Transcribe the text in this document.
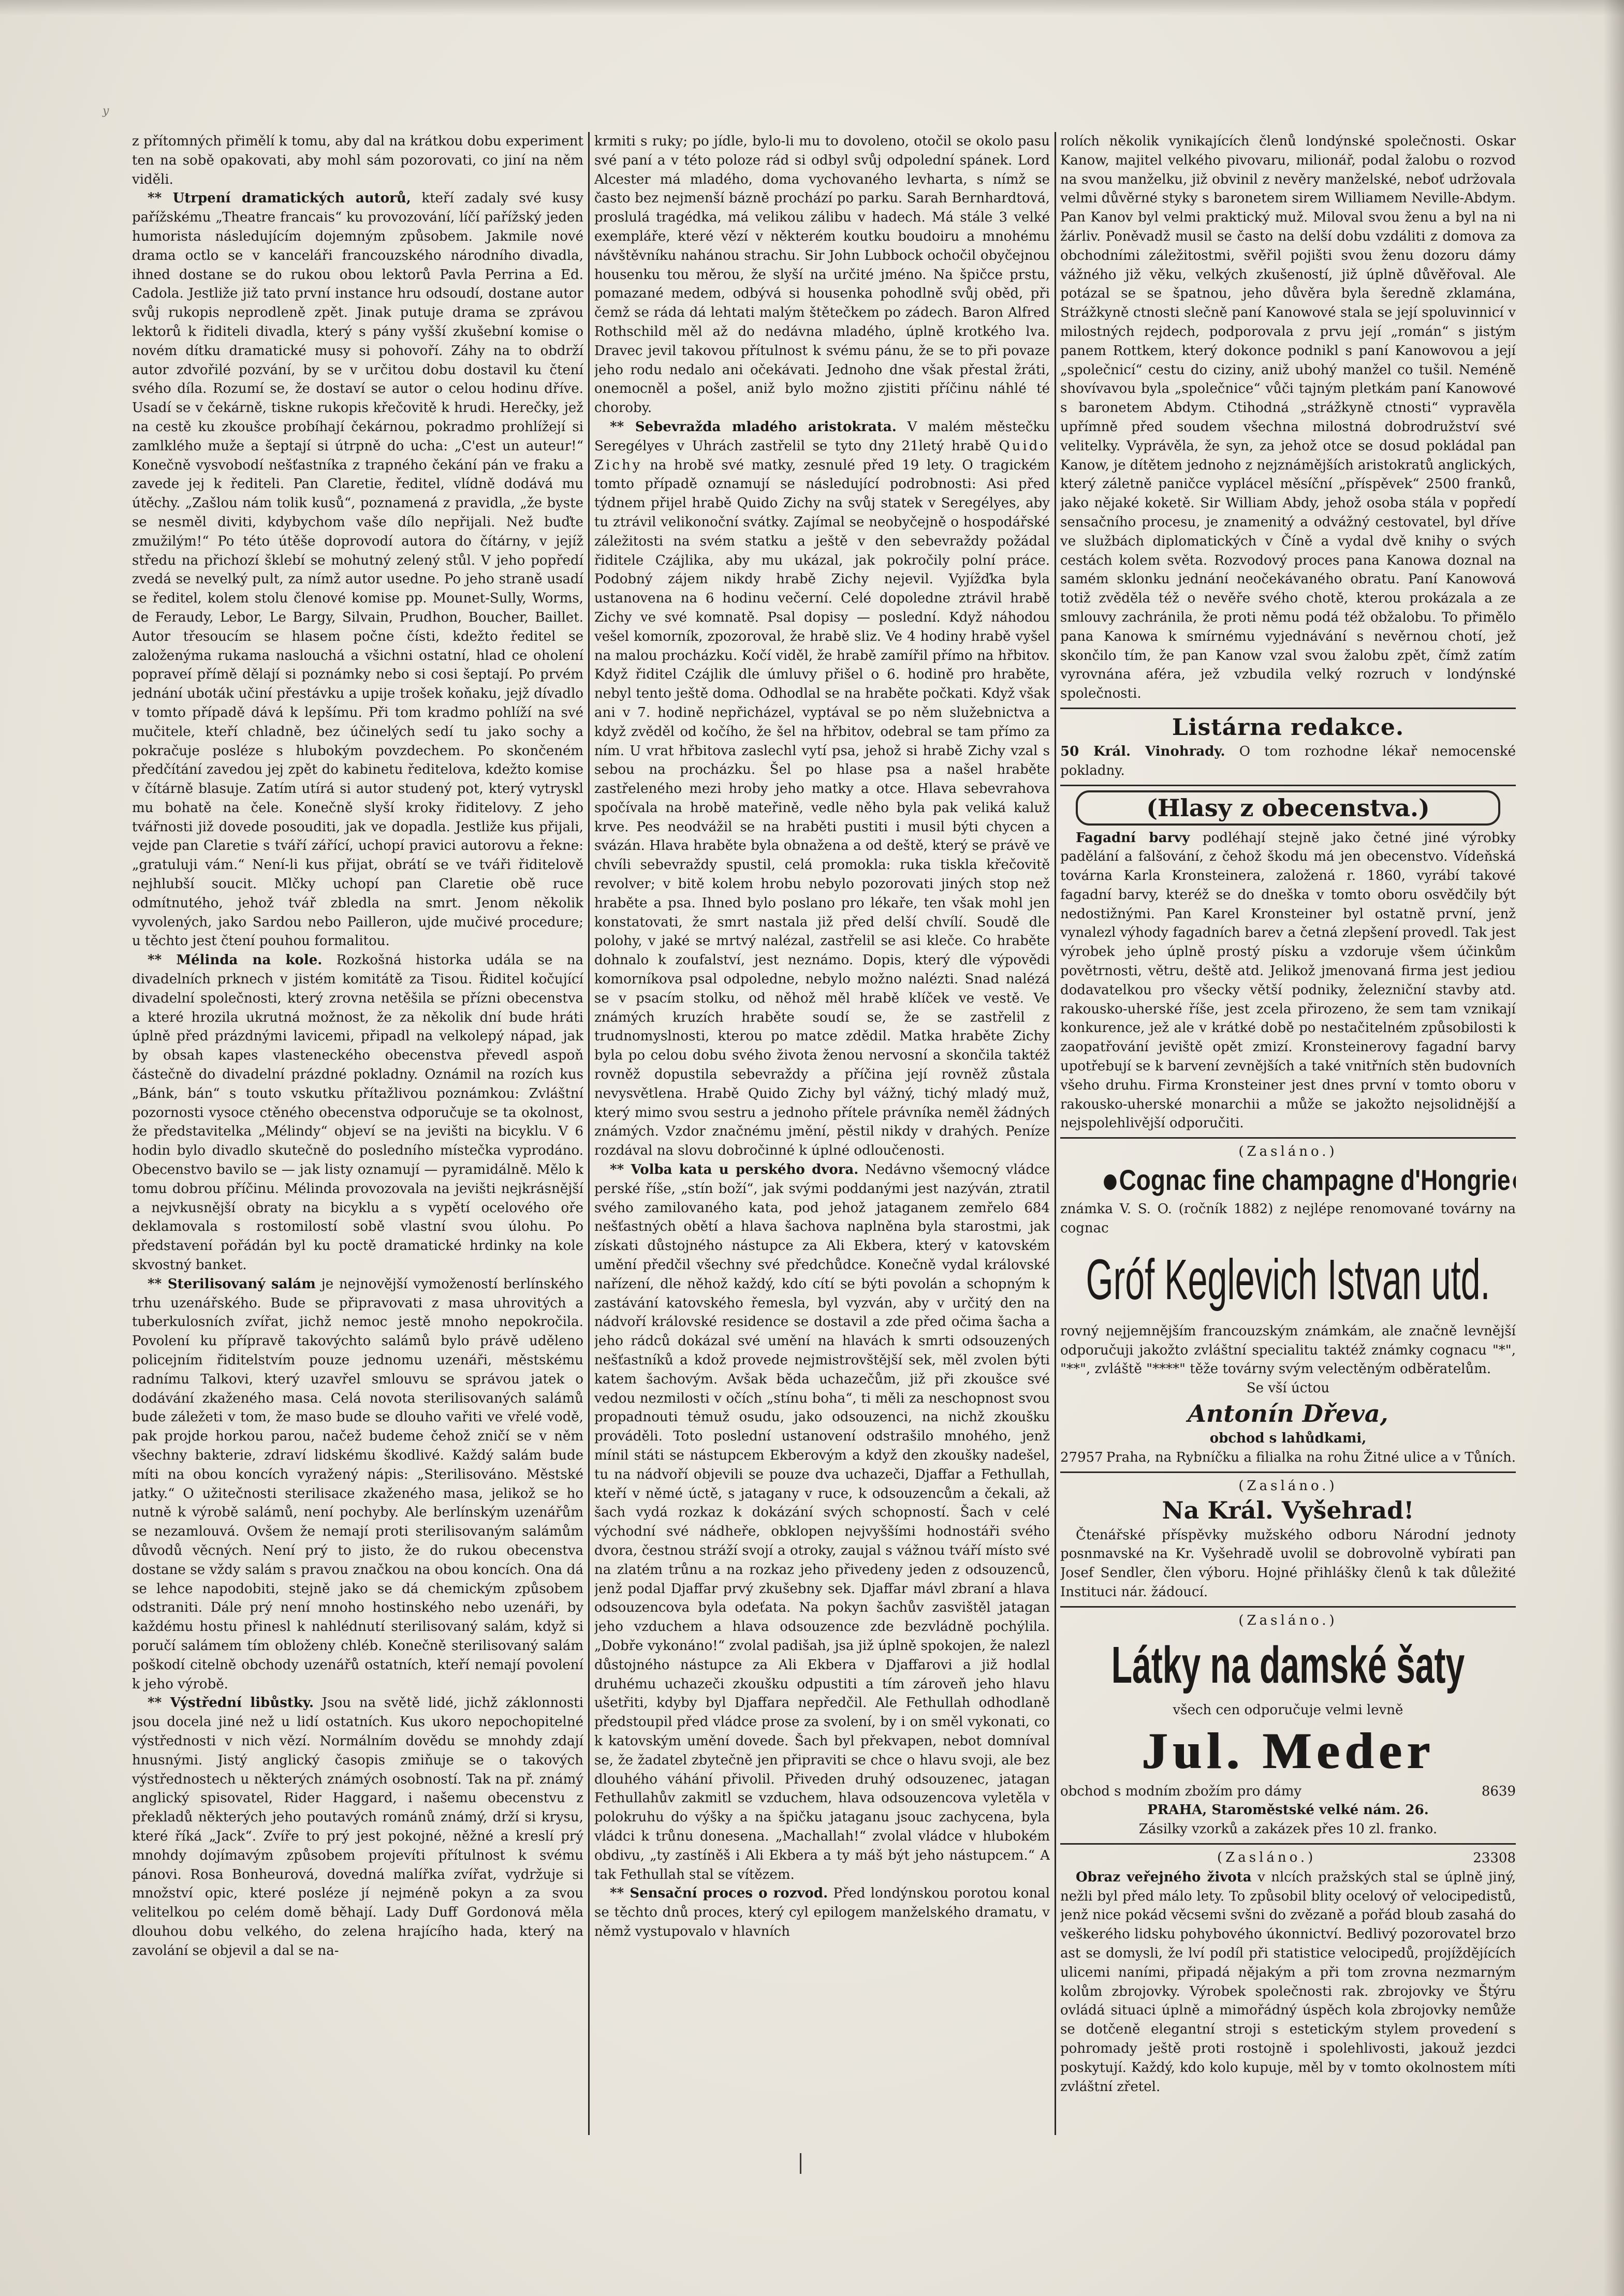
y

z přítomných přimělí k tomu, aby dal na krátkou dobu experiment ten na sobě opakovati, aby mohl sám pozorovati, co jiní na něm viděli.

** Utrpení dramatických autorů, kteří zadaly své kusy pařížskému „Theatre francais“ ku provozování, líčí pařížský jeden humorista následujícím dojemným způsobem. Jakmile nové drama octlo se v kanceláři francouzského národního divadla, ihned dostane se do rukou obou lektorů Pavla Perrina a Ed. Cadola. Jestliže již tato první instance hru odsoudí, dostane autor svůj rukopis neprodleně zpět. Jinak putuje drama se zprávou lektorů k řiditeli divadla, který s pány vyšší zkušební komise o novém dítku dramatické musy si pohovoří. Záhy na to obdrží autor zdvořilé pozvání, by se v určitou dobu dostavil ku čtení svého díla. Rozumí se, že dostaví se autor o celou hodinu dříve. Usadí se v čekárně, tiskne rukopis křečovitě k hrudi. Herečky, jež na cestě ku zkoušce probíhají čekárnou, pokradmo prohlížejí si zamlklého muže a šeptají si útrpně do ucha: „C'est un auteur!“ Konečně vysvobodí nešťastníka z trapného čekání pán ve fraku a zavede jej k řediteli. Pan Claretie, ředitel, vlídně dodává mu útěchy. „Zašlou nám tolik kusů“, poznamená z pravidla, „že byste se nesměl diviti, kdybychom vaše dílo nepřijali. Než buďte zmužilým!“ Po této útěše doprovodí autora do čítárny, v jejíž středu na přichozí šklebí se mohutný zelený stůl. V jeho popředí zvedá se nevelký pult, za nímž autor usedne. Po jeho straně usadí se ředitel, kolem stolu členové komise pp. Mounet-Sully, Worms, de Feraudy, Lebor, Le Bargy, Silvain, Prudhon, Boucher, Baillet. Autor třesoucím se hlasem počne čísti, kdežto ředitel se založenýma rukama naslouchá a všichni ostatní, hlad ce oholení popraveí přímě dělají si poznámky nebo si cosi šeptají. Po prvém jednání uboták učiní přestávku a upije trošek koňaku, jejž dívadlo v tomto případě dává k lepšímu. Při tom kradmo pohlíží na své mučitele, kteří chladně, bez účinelých sedí tu jako sochy a pokračuje posléze s hlubokým povzdechem. Po skončeném předčítání zavedou jej zpět do kabinetu ředitelova, kdežto komise v čítárně blasuje. Zatím utírá si autor studený pot, který vytryskl mu bohatě na čele. Konečně slyší kroky řiditelovy. Z jeho tvářnosti již dovede posouditi, jak ve dopadla. Jestliže kus přijali, vejde pan Claretie s tváří zářící, uchopí pravici autorovu a řekne: „gratuluji vám.“ Není-li kus přijat, obrátí se ve tváři řiditelově nejhlubší soucit. Mlčky uchopí pan Claretie obě ruce odmítnutého, jehož tvář zbledla na smrt. Jenom několik vyvolených, jako Sardou nebo Pailleron, ujde mučivé procedure; u těchto jest čtení pouhou formalitou.

** Mélinda na kole. Rozkošná historka udála se na divadelních prknech v jistém komitátě za Tisou. Řiditel kočující divadelní společnosti, který zrovna netěšila se přízni obecenstva a které hrozila ukrutná možnost, že za několik dní bude hráti úplně před prázdnými lavicemi, připadl na velkolepý nápad, jak by obsah kapes vlasteneckého obecenstva převedl aspoň částečně do divadelní prázdné pokladny. Oznámil na rozích kus „Bánk, bán“ s touto vskutku přítažlivou poznámkou: Zvláštní pozornosti vysoce ctěného obecenstva odporučuje se ta okolnost, že představitelka „Mélindy“ objeví se na jevišti na bicyklu. V 6 hodin bylo divadlo skutečně do posledního místečka vyprodáno. Obecenstvo bavilo se — jak listy oznamují — pyramidálně. Mělo k tomu dobrou příčinu. Mélinda provozovala na jevišti nejkrásnější a nejvkusnější obraty na bicyklu a s vypětí ocelového oře deklamovala s rostomilostí sobě vlastní svou úlohu. Po představení pořádán byl ku poctě dramatické hrdinky na kole skvostný banket.

** Sterilisovaný salám je nejnovější vymožeností berlínského trhu uzenářského. Bude se připravovati z masa uhrovitých a tuberkulosních zvířat, jichž nemoc jestě mnoho nepokročila. Povolení ku přípravě takovýchto salámů bylo právě uděleno policejním řiditelstvím pouze jednomu uzenáři, městskému radnímu Talkovi, který uzavřel smlouvu se správou jatek o dodávání zkaženého masa. Celá novota sterilisovaných salámů bude záležeti v tom, že maso bude se dlouho vařiti ve vřelé vodě, pak projde horkou parou, načež budeme čehož zničí se v něm všechny bakterie, zdraví lidskému škodlivé. Každý salám bude míti na obou koncích vyražený nápis: „Sterilisováno. Městské jatky.“ O užitečnosti sterilisace zkaženého masa, jelikož se ho nutně k výrobě salámů, není pochyby. Ale berlínským uzenářům se nezamlouvá. Ovšem že nemají proti sterilisovaným salámům důvodů věcných. Není prý to jisto, že do rukou obecenstva dostane se vždy salám s pravou značkou na obou koncích. Ona dá se lehce napodobiti, stejně jako se dá chemickým způsobem odstraniti. Dále prý není mnoho hostinského nebo uzenáři, by každému hostu přinesl k nahlédnutí sterilisovaný salám, když si poručí salámem tím obloženy chléb. Konečně sterilisovaný salám poškodí citelně obchody uzenářů ostatních, kteří nemají povolení k jeho výrobě.

** Výstřední libůstky. Jsou na světě lidé, jichž záklonnosti jsou docela jiné než u lidí ostatních. Kus ukoro nepochopitelné výstřednosti v nich vězí. Normálním dovědu se mnohdy zdají hnusnými. Jistý anglický časopis zmiňuje se o takových výstřednostech u některých známých osobností. Tak na př. známý anglický spisovatel, Rider Haggard, i našemu obecenstvu z překladů některých jeho poutavých románů známý, drží si krysu, které říká „Jack“. Zvíře to prý jest pokojné, něžné a kreslí prý mnohdy dojímavým způsobem projevíti přítulnost k svému pánovi. Rosa Bonheurová, dovedná malířka zvířat, vydržuje si množství opic, které posléze jí nejméně pokyn a za svou velitelkou po celém domě běhají. Lady Duff Gordonová měla dlouhou dobu velkého, do zelena hrajícího hada, který na zavolání se objevil a dal se na-

krmiti s ruky; po jídle, bylo-li mu to dovoleno, otočil se okolo pasu své paní a v této poloze rád si odbyl svůj odpolední spánek. Lord Alcester má mladého, doma vychovaného levharta, s nímž se často bez nejmenší bázně prochází po parku. Sarah Bernhardtová, proslulá tragédka, má velikou zálibu v hadech. Má stále 3 velké exempláře, které vězí v některém koutku boudoiru a mnohému návštěvníku nahánou strachu. Sir John Lubbock ochočil obyčejnou housenku tou měrou, že slyší na určité jméno. Na špičce prstu, pomazané medem, odbývá si housenka pohodlně svůj oběd, při čemž se ráda dá lehtati malým štětečkem po zádech. Baron Alfred Rothschild měl až do nedávna mladého, úplně krotkého lva. Dravec jevil takovou přítulnost k svému pánu, že se to při povaze jeho rodu nedalo ani očekávati. Jednoho dne však přestal žráti, onemocněl a pošel, aniž bylo možno zjistiti příčinu náhlé té choroby.

** Sebevražda mladého aristokrata. V malém městečku Seregélyes v Uhrách zastřelil se tyto dny 21letý hrabě Quido Zichy na hrobě své matky, zesnulé před 19 lety. O tragickém tomto případě oznamují se následující podrobnosti: Asi před týdnem přijel hrabě Quido Zichy na svůj statek v Seregélyes, aby tu ztrávil velikonoční svátky. Zajímal se neobyčejně o hospodářské záležitosti na svém statku a ještě v den sebevraždy požádal řiditele Czájlika, aby mu ukázal, jak pokročily polní práce. Podobný zájem nikdy hrabě Zichy nejevil. Vyjížďka byla ustanovena na 6 hodinu večerní. Celé dopoledne ztrávil hrabě Zichy ve své komnatě. Psal dopisy — poslední. Když náhodou vešel komorník, zpozoroval, že hrabě sliz. Ve 4 hodiny hrabě vyšel na malou procházku. Kočí viděl, že hrabě zamířil přímo na hřbitov. Když řiditel Czájlik dle úmluvy přišel o 6. hodině pro hraběte, nebyl tento ještě doma. Odhodlal se na hraběte počkati. Když však ani v 7. hodině nepřicházel, vyptával se po něm služebnictva a když zvěděl od kočího, že šel na hřbitov, odebral se tam přímo za ním. U vrat hřbitova zaslechl vytí psa, jehož si hrabě Zichy vzal s sebou na procházku. Šel po hlase psa a našel hraběte zastřeleného mezi hroby jeho matky a otce. Hlava sebevrahova spočívala na hrobě mateřině, vedle něho byla pak veliká kaluž krve. Pes neodvážil se na hraběti pustiti i musil býti chycen a svázán. Hlava hraběte byla obnaženа a od deště, který se právě ve chvíli sebevraždy spustil, celá promokla: ruka tiskla křečovitě revolver; v bitě kolem hrobu nebylo pozorovati jiných stop než hraběte a psa. Ihned bylo poslano pro lékaře, ten však mohl jen konstatovati, že smrt nastala již před delší chvílí. Soudě dle polohy, v jaké se mrtvý nalézal, zastřelil se asi kleče. Co hraběte dohnalo k zoufalství, jest neznámo. Dopis, který dle výpovědi komorníkova psal odpoledne, nebylo možno nalézti. Snad nalézá se v psacím stolku, od něhož měl hrabě klíček ve vestě. Ve známých kruzích hraběte soudí se, že se zastřelil z trudnomyslnosti, kterou po matce zdědil. Matka hraběte Zichy byla po celou dobu svého života ženou nervosní a skončila taktéž rovněž dopustila sebevraždy a příčina její rovněž zůstala nevysvětlena. Hrabě Quido Zichy byl vážný, tichý mladý muž, který mimo svou sestru a jednoho přítele právníka neměl žádných známých. Vzdor značnému jmění, pěstil nikdy v drahých. Peníze rozdával na slovu dobročinné k úplné odloučenosti.

** Volba kata u perského dvora. Nedávno všemocný vládce perské říše, „stín boží“, jak svými poddanými jest nazýván, ztratil svého zamilovaného kata, pod jehož jataganem zemřelo 684 nešťastných obětí a hlava šachova naplněna byla starostmi, jak získati důstojného nástupce za Ali Ekbera, který v katovském umění předčil všechny své předchůdce. Konečně vydal královské nařízení, dle něhož každý, kdo cítí se býti povolán a schopným k zastávání katovského řemesla, byl vyzván, aby v určitý den na nádvoří královské residence se dostavil a zde před očima šacha a jeho rádců dokázal své umění na hlavách k smrti odsouzených nešťastníků a kdož provede nejmistrovštější sek, měl zvolen býti katem šachovým. Avšak běda uchazečům, již při zkoušce své vedou nezmilosti v očích „stínu boha“, ti měli za neschopnost svou propadnouti tėmuž osudu, jako odsouzenci, na nichž zkoušku prováděli. Toto poslední ustanovení odstrašilo mnohého, jenž mínil státi se nástupcem Ekberovým a když den zkoušky nadešel, tu na nádvoří objevili se pouze dva uchazeči, Djaffar a Fethullah, kteří v němé úctě, s jatagany v ruce, k odsouzencům a čekali, až šach vydá rozkaz k dokázání svých schopností. Šach v celé východní své nádheře, obklopen nejvyššími hodnostáři svého dvora, čestnou stráží svojí a otroky, zaujal s vážnou tváří místo své na zlatém trůnu a na rozkaz jeho přivedeny jeden z odsouzenců, jenž podal Djaffar prvý zkušebny sek. Djaffar mávl zbraní a hlava odsouzencova byla odeťata. Na pokyn šachův zasvištěl jatagan jeho vzduchem a hlava odsouzence zde bezvládně pochýlila. „Dobře vykonáno!“ zvolal padišah, jsa již úplně spokojen, že nalezl důstojného nástupce za Ali Ekbera v Djaffarovi a již hodlal druhému uchazeči zkoušku odpustiti a tím zároveň jeho hlavu ušetřiti, kdyby byl Djaffara nepředčil. Ale Fethullah odhodlaně předstoupil před vládce prose za svolení, by i on směl vykonati, co k katovským umění dovede. Šach byl překvapen, nebot domníval se, že žadatel zbytečně jen připraviti se chce o hlavu svoji, ale bez dlouhého váhání přivolil. Přiveden druhý odsouzenec, jatagan Fethullahův zakmitl se vzduchem, hlava odsouzencova vyletěla v polokruhu do výšky a na špičku jataganu jsouc zachycena, byla vládci k trůnu donesena. „Machallah!“ zvolal vládce v hlubokém obdivu, „ty zastíněš i Ali Ekbera a ty máš být jeho nástupcem.“ A tak Fethullah stal se vítězem.

** Sensační proces o rozvod. Před londýnskou porotou konal se těchto dnů proces, který cyl epilogem manželského dramatu, v němž vystupovalo v hlavních

rolích několik vynikajících členů londýnské společnosti. Oskar Kanow, majitel velkého pivovaru, milionář, podal žalobu o rozvod na svou manželku, již obvinil z nevěry manželské, neboť udržovala velmi důvěrné styky s baronetem sirem Williamem Neville-Abdym. Pan Kanov byl velmi praktický muž. Miloval svou ženu a byl na ni žárliv. Poněvadž musil se často na delší dobu vzdáliti z domova za obchodními záležitostmi, svěřil pojišti svou ženu dozoru dámy vážného již věku, velkých zkušeností, již úplně důvěřoval. Ale potázal se se špatnou, jeho důvěra byla šeredně zklamána, Strážkyně ctnosti slečně paní Kanowové stala se její spoluvinnicí v milostných rejdech, podporovala z prvu její „román“ s jistým panem Rottkem, který dokonce podnikl s paní Kanowovou a její „společnicí“ cestu do ciziny, aniž ubohý manžel co tušil. Neméně shovívavou byla „společnice“ vůči tajným pletkám paní Kanowové s baronetem Abdym. Ctihodná „strážkyně ctnosti“ vypravěla upřímně před soudem všechna milostná dobrodružství své velitelky. Vyprávěla, že syn, za jehož otce se dosud pokládal pan Kanow, je dítětem jednoho z nejznámějších aristokratů anglických, který záletně paničce vyplácel měsíční „příspěvek“ 2500 franků, jako nějaké koketě. Sir William Abdy, jehož osoba stála v popředí sensačního procesu, je znamenitý a odvážný cestovatel, byl dříve ve službách diplomatických v Číně a vydal dvě knihy o svých cestách kolem světa. Rozvodový proces pana Kanowa doznal na samém sklonku jednání neočekávaného obratu. Paní Kanowová totiž zvěděla též o nevěře svého chotě, kterou prokázala a ze smlouvy zachránila, že proti němu podá též obžalobu. To přimělo pana Kanowa k smírnému vyjednávání s nevěrnou chotí, jež skončilo tím, že pan Kanow vzal svou žalobu zpět, čímž zatím vyrovnána aféra, jež vzbudila velký rozruch v londýnské společnosti.

Listárna redakce.

50 Král. Vinohrady. O tom rozhodne lékař nemocenské pokladny.

(Hlasy z obecenstva.)

Fagadní barvy podléhají stejně jako četné jiné výrobky padělání a falšování, z čehož škodu má jen obecenstvo. Vídeňská továrna Karla Kronsteinera, založená r. 1860, vyrábí takové fagadní barvy, kteréž se do dneška v tomto oboru osvědčily být nedostižnými. Pan Karel Kronsteiner byl ostatně první, jenž vynalezl výhody fagadních barev a četná zlepšení provedl. Tak jest výrobek jeho úplně prostý písku a vzdoruje všem účinkům povětrnosti, větru, deště atd. Jelikož jmenovaná firma jest jediou dodavatelkou pro všecky větší podniky, železniční stavby atd. rakousko-uherské říše, jest zcela přirozeno, že sem tam vznikají konkurence, jež ale v krátké době po nestačitelném způsobilosti k zaopatřování jeviště opět zmizí. Kronsteinerovy fagadní barvy upotřebují se k barvení zevnějších a také vnitřních stěn budovních všeho druhu. Firma Kronsteiner jest dnes první v tomto oboru v rakousko-uherské monarchii a může se jakožto nejsolidnější a nejspolehlivější odporučiti.

(Zasláno.)
Cognac fine champagne d'Hongrie

známka V. S. O. (ročník 1882) z nejlépe renomované továrny na cognac

Gróf Keglevich Istvan utd.

rovný nejjemnějším francouzským známkám, ale značně levnější odporučuji jakožto zvláštní specialitu taktéž známky cognacu "*", "**", zvláště "****" těže továrny svým velectěným odběratelům.

Se vší úctou
Antonín Dřeva,
obchod s lahůdkami,
27957 Praha, na Rybníčku a filialka na rohu Žitné ulice a v Tůních.
(Zasláno.)
Na Král. Vyšehrad!

Čtenářské příspěvky mužského odboru Národní jednoty posnmavské na Kr. Vyšehradě uvolil se dobrovolně vybírati pan Josef Sendler, člen výboru. Hojné přihlášky členů k tak důležité Instituci nár. žádoucí.

(Zasláno.)
Látky na damské šaty
všech cen odporučuje velmi levně
Jul. Meder
obchod s modním zbožím pro dámy	8639
PRAHA, Staroměstské velké nám. 26.
Zásilky vzorků a zakázek přes 10 zl. franko.
(Zasláno.)	23308

Obraz veřejného života v nlcích pražských stal se úplně jiný, nežli byl před málo lety. To způsobil blity ocelový oř velocipedistů, jenž nice pokád věcsemi svšni do zvězaně a pořád bloub zasahá do veškerého lidsku pohybového úkonnictví. Bedlivý pozorovatel brzo ast se domysli, že lví podíl při statistice velocipedů, projíždějících ulicemi naními, připadá nějakým a při tom zrovna nezmarným kolům zbrojovky. Výrobek společnosti rak. zbrojovky ve Štýru ovládá situaci úplně a mimořádný úspěch kola zbrojovky nemůže se dotčeně elegantní stroji s estetickým stylem provedení s pohromady ještě proti rostojně i spolehlivosti, jakouž jezdci poskytují. Každý, kdo kolo kupuje, měl by v tomto okolnostem míti zvláštní zřetel.
